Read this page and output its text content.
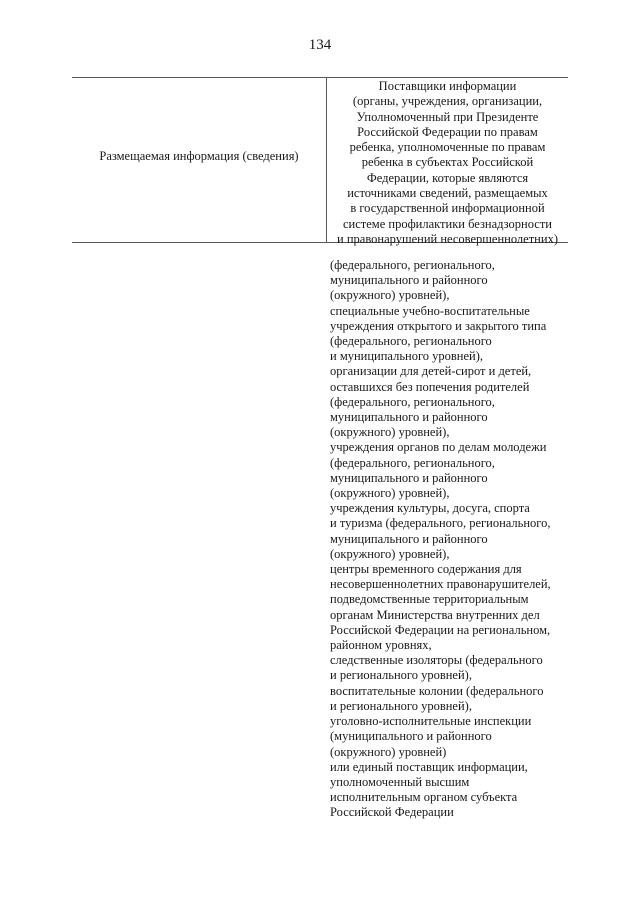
134
Размещаемая информация (сведения)
Поставщики информации
(органы, учреждения, организации,
Уполномоченный при Президенте
Российской Федерации по правам
ребенка, уполномоченные по правам
ребенка в субъектах Российской
Федерации, которые являются
источниками сведений, размещаемых
в государственной информационной
системе профилактики безнадзорности
и правонарушений несовершеннолетних)
(федерального, регионального,
муниципального и районного
(окружного) уровней),
специальные учебно-воспитательные
учреждения открытого и закрытого типа
(федерального, регионального
и муниципального уровней),
организации для детей-сирот и детей,
оставшихся без попечения родителей
(федерального, регионального,
муниципального и районного
(окружного) уровней),
учреждения органов по делам молодежи
(федерального, регионального,
муниципального и районного
(окружного) уровней),
учреждения культуры, досуга, спорта
и туризма (федерального, регионального,
муниципального и районного
(окружного) уровней),
центры временного содержания для
несовершеннолетних правонарушителей,
подведомственные территориальным
органам Министерства внутренних дел
Российской Федерации на региональном,
районном уровнях,
следственные изоляторы (федерального
и регионального уровней),
воспитательные колонии (федерального
и регионального уровней),
уголовно-исполнительные инспекции
(муниципального и районного
(окружного) уровней)
или единый поставщик информации,
уполномоченный высшим
исполнительным органом субъекта
Российской Федерации
